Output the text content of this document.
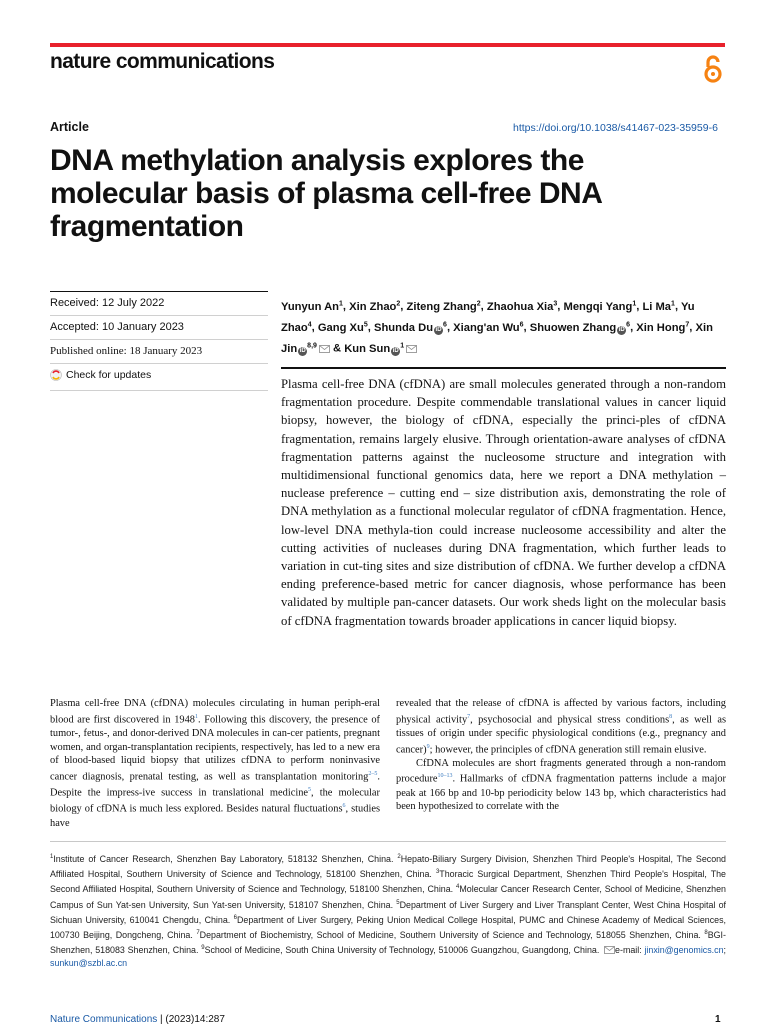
nature communications
Article	https://doi.org/10.1038/s41467-023-35959-6
DNA methylation analysis explores the molecular basis of plasma cell-free DNA fragmentation
Received: 12 July 2022
Accepted: 10 January 2023
Published online: 18 January 2023
Check for updates
Yunyun An$^1$, Xin Zhao$^2$, Ziteng Zhang$^2$, Zhaohua Xia$^3$, Mengqi Yang$^1$, Li Ma$^1$, Yu Zhao$^4$, Gang Xu$^5$, Shunda Du $iD^6$, Xiang'an Wu$^6$, Shuowen Zhang $iD^6$, Xin Hong$^7$, Xin Jin iD$^{8,9}$ & Kun Sun $iD^1$

Plasma cell-free DNA (cfDNA) are small molecules generated through a non-random fragmentation procedure. Despite commendable translational values in cancer liquid biopsy, however, the biology of cfDNA, especially the princi-ples of cfDNA fragmentation, remains largely elusive. Through orientation-aware analyses of cfDNA fragmentation patterns against the nucleosome structure and integration with multidimensional functional genomics data, here we report a DNA methylation – nuclease preference – cutting end – size distribution axis, demonstrating the role of DNA methylation as a functional molecular regulator of cfDNA fragmentation. Hence, low-level DNA methyla-tion could increase nucleosome accessibility and alter the cutting activities of nucleases during DNA fragmentation, which further leads to variation in cut-ting sites and size distribution of cfDNA. We further develop a cfDNA ending preference-based metric for cancer diagnosis, whose performance has been validated by multiple pan-cancer datasets. Our work sheds light on the molecular basis of cfDNA fragmentation towards broader applications in cancer liquid biopsy.

Plasma cell-free DNA (cfDNA) molecules circulating in human periph-eral blood are first discovered in 1948$^1$. Following this discovery, the presence of tumor-, fetus-, and donor-derived DNA molecules in can-cer patients, pregnant women, and organ-transplantation recipients, respectively, has led to a new era of blood-based liquid biopsy that utilizes cfDNA to perform noninvasive cancer diagnosis, prenatal testing, as well as transplantation monitoring$^{2-5}$. Despite the impress-ive success in translational medicine$^5$, the molecular biology of cfDNA is much less explored. Besides natural fluctuations$^6$, studies have

revealed that the release of cfDNA is affected by various factors, including physical activity$^7$, psychosocial and physical stress conditions$^8$, as well as tissues of origin under specific physiological conditions (e.g., pregnancy and cancer)$^9$; however, the principles of cfDNA generation still remain elusive.

CfDNA molecules are short fragments generated through a non-random procedure$^{10-13}$. Hallmarks of cfDNA fragmentation patterns include a major peak at 166 bp and 10-bp periodicity below 143 bp, which characteristics had been hypothesized to correlate with the

$^1$Institute of Cancer Research, Shenzhen Bay Laboratory, 518132 Shenzhen, China. $^2$Hepato-Biliary Surgery Division, Shenzhen Third People's Hospital, The Second Affiliated Hospital, Southern University of Science and Technology, 518100 Shenzhen, China. $^3$Thoracic Surgical Department, Shenzhen Third People's Hospital, The Second Affiliated Hospital, Southern University of Science and Technology, 518100 Shenzhen, China. $^4$Molecular Cancer Research Center, School of Medicine, Shenzhen Campus of Sun Yat-sen University, Sun Yat-sen University, 518107 Shenzhen, China. $^5$Department of Liver Surgery and Liver Transplant Center, West China Hospital of Sichuan University, 610041 Chengdu, China. $^6$Department of Liver Surgery, Peking Union Medical College Hospital, PUMC and Chinese Academy of Medical Sciences, 100730 Beijing, Dongcheng, China. $^7$Department of Biochemistry, School of Medicine, Southern University of Science and Technology, 518055 Shenzhen, China. $^8$BGI-Shenzhen, 518083 Shenzhen, China. $^9$School of Medicine, South China University of Technology, 510006 Guangzhou, Guangdong, China. e-mail: jinxin@genomics.cn; sunkun@szbl.ac.cn
Nature Communications | (2023)14:287	1
